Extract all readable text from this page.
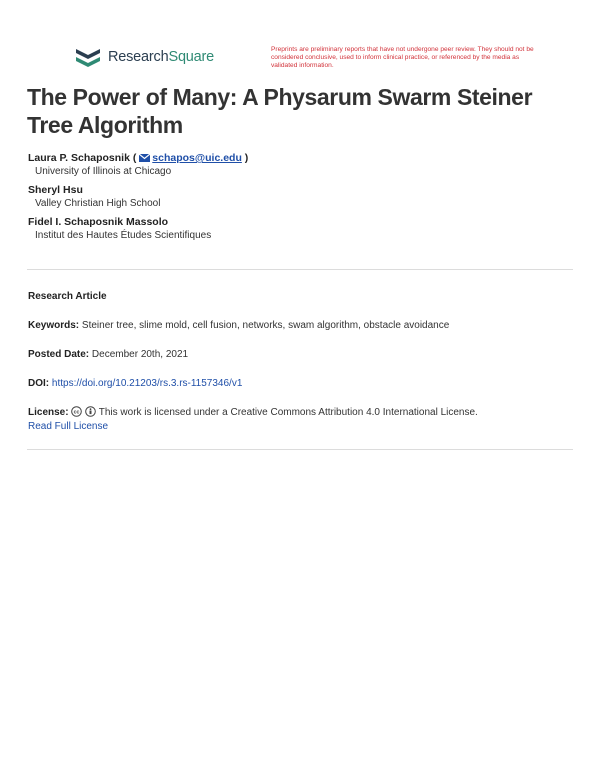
ResearchSquare	Preprints are preliminary reports that have not undergone peer review. They should not be considered conclusive, used to inform clinical practice, or referenced by the media as validated information.
The Power of Many: A Physarum Swarm Steiner Tree Algorithm
Laura P. Schaposnik ( schapos@uic.edu )
University of Illinois at Chicago
Sheryl Hsu
Valley Christian High School
Fidel I. Schaposnik Massolo
Institut des Hautes Études Scientifiques
Research Article
Keywords: Steiner tree, slime mold, cell fusion, networks, swam algorithm, obstacle avoidance
Posted Date: December 20th, 2021
DOI: https://doi.org/10.21203/rs.3.rs-1157346/v1
License: cc This work is licensed under a Creative Commons Attribution 4.0 International License.
Read Full License
